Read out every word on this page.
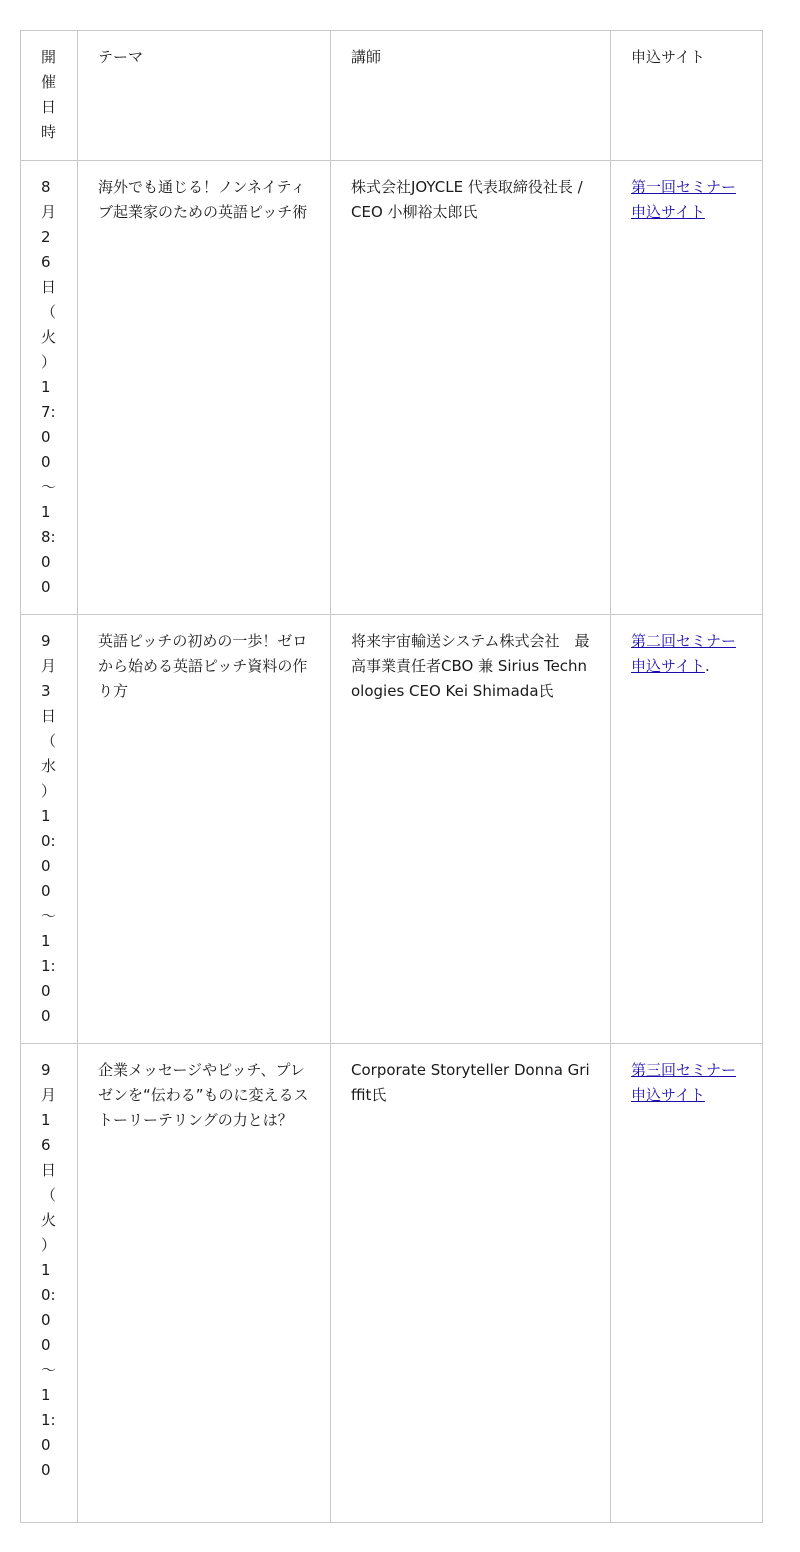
開催日時	テーマ	講師	申込サイト
8月26日（火）17:00～18:00	海外でも通じる！ノンネイティブ起業家のための英語ピッチ術	株式会社JOYCLE 代表取締役社長 / CEO 小柳裕太郎氏	第一回セミナー申込サイト
9月3日（水）10:00～11:00	英語ピッチの初めの一歩！ゼロから始める英語ピッチ資料の作り方	将来宇宙輸送システム株式会社　最高事業責任者CBO 兼 Sirius Technologies CEO Kei Shimada氏	第二回セミナー申込サイト.
9月16日（火）10:00～11:00	企業メッセージやピッチ、プレゼンを“伝わる”ものに変えるストーリーテリングの力とは？	Corporate Storyteller Donna Griffit氏	第三回セミナー申込サイト
